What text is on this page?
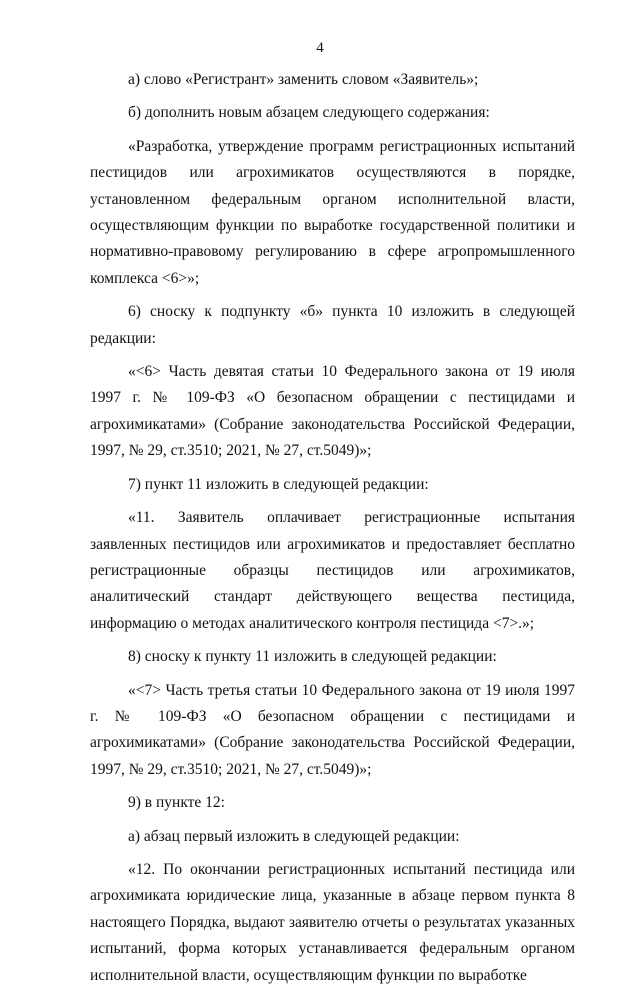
4

а) слово «Регистрант» заменить словом «Заявитель»;

б) дополнить новым абзацем следующего содержания:

«Разработка, утверждение программ регистрационных испытаний пестицидов или агрохимикатов осуществляются в порядке, установленном федеральным органом исполнительной власти, осуществляющим функции по выработке государственной политики и нормативно-правовому регулированию в сфере агропромышленного комплекса <6>»;

6) сноску к подпункту «б» пункта 10 изложить в следующей редакции:

«<6> Часть девятая статьи 10 Федерального закона от 19 июля 1997 г. № 109-ФЗ «О безопасном обращении с пестицидами и агрохимикатами» (Собрание законодательства Российской Федерации, 1997, № 29, ст.3510; 2021, № 27, ст.5049)»;

7) пункт 11 изложить в следующей редакции:

«11. Заявитель оплачивает регистрационные испытания заявленных пестицидов или агрохимикатов и предоставляет бесплатно регистрационные образцы пестицидов или агрохимикатов, аналитический стандарт действующего вещества пестицида, информацию о методах аналитического контроля пестицида <7>.»;

8) сноску к пункту 11 изложить в следующей редакции:

«<7> Часть третья статьи 10 Федерального закона от 19 июля 1997 г. № 109-ФЗ «О безопасном обращении с пестицидами и агрохимикатами» (Собрание законодательства Российской Федерации, 1997, № 29, ст.3510; 2021, № 27, ст.5049)»;

9) в пункте 12:

а) абзац первый изложить в следующей редакции:

«12. По окончании регистрационных испытаний пестицида или агрохимиката юридические лица, указанные в абзаце первом пункта 8 настоящего Порядка, выдают заявителю отчеты о результатах указанных испытаний, форма которых устанавливается федеральным органом исполнительной власти, осуществляющим функции по выработке
